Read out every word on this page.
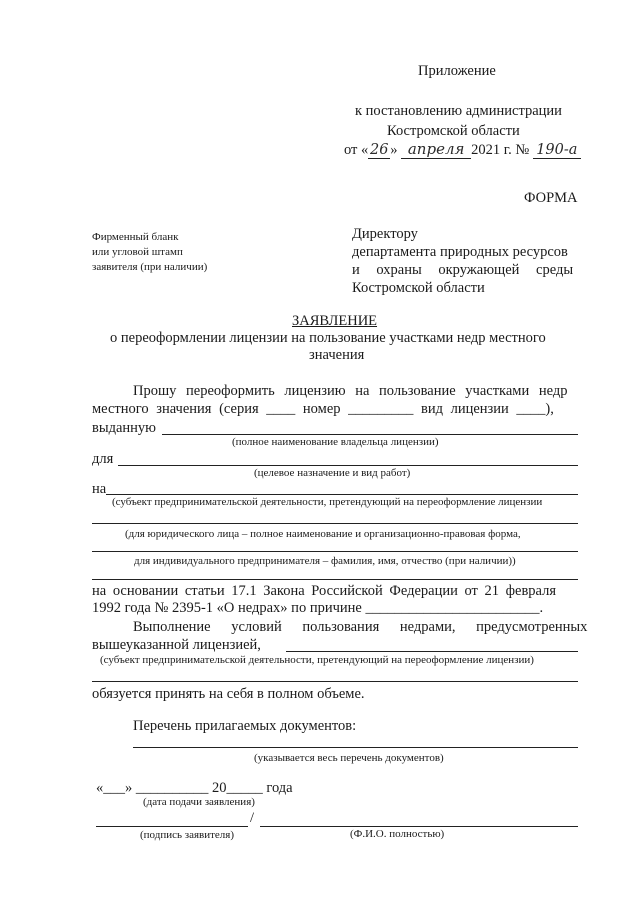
Приложение
к постановлению администрации
Костромской области
от « 26 » апреля 2021 г. № 190-а
ФОРМА
Фирменный бланк
или угловой штамп
заявителя (при наличии)
Директору
департамента природных ресурсов
и охраны окружающей среды
Костромской области
ЗАЯВЛЕНИЕ
о переоформлении лицензии на пользование участками недр местного
значения
Прошу переоформить лицензию на пользование участками недр
местного значения (серия ____ номер _________ вид лицензии ____),
выданную
(полное наименование владельца лицензии)
для
(целевое назначение и вид работ)
на
(субъект предпринимательской деятельности, претендующий на переоформление лицензии
(для юридического лица – полное наименование и организационно-правовая форма,
для индивидуального предпринимателя – фамилия, имя, отчество (при наличии))
на основании статьи 17.1 Закона Российской Федерации от 21 февраля
1992 года № 2395-1 «О недрах» по причине ________________________.
Выполнение условий пользования недрами, предусмотренных
вышеуказанной лицензией,
(субъект предпринимательской деятельности, претендующий на переоформление лицензии)
обязуется принять на себя в полном объеме.
Перечень прилагаемых документов:
(указывается весь перечень документов)
«___» __________ 20_____ года
(дата подачи заявления)
/
(подпись заявителя)	(Ф.И.О. полностью)
